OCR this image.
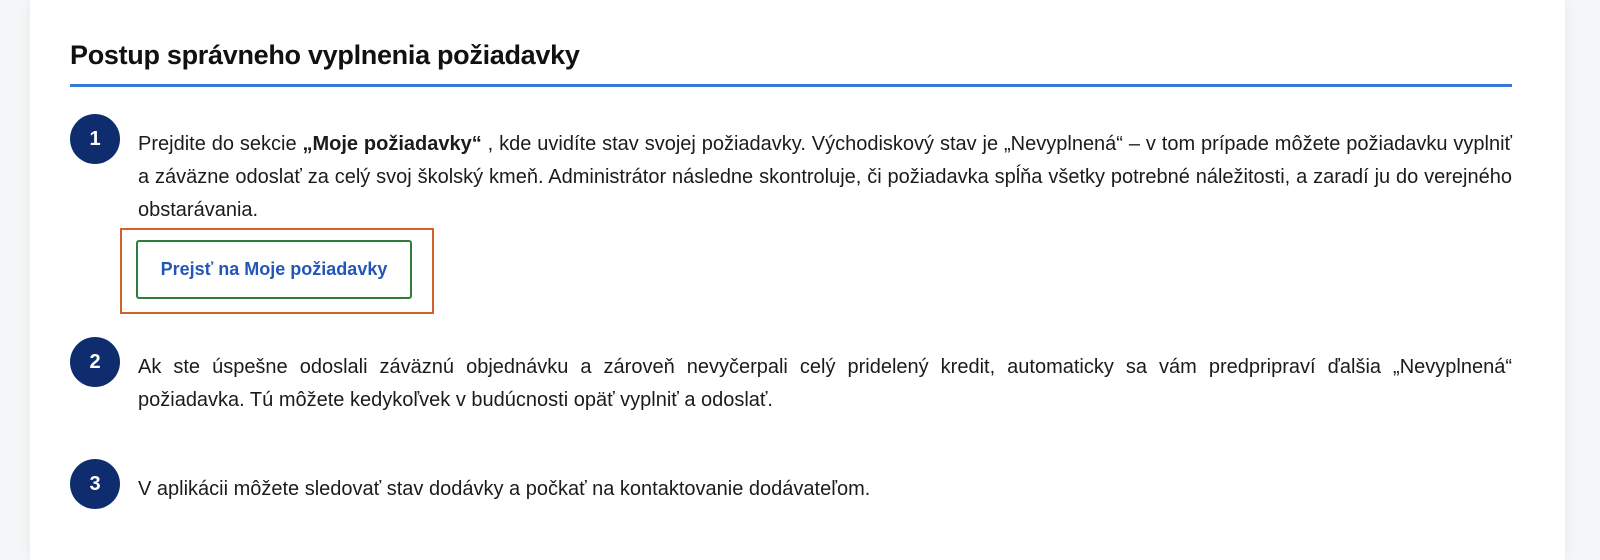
Postup správneho vyplnenia požiadavky
1	Prejdite do sekcie „Moje požiadavky“ , kde uvidíte stav svojej požiadavky. Východiskový stav je „Nevyplnená“ – v tom prípade môžete požiadavku vyplniť a záväzne odoslať za celý svoj školský kmeň. Administrátor následne skontroluje, či požiadavka spĺňa všetky potrebné náležitosti, a zaradí ju do verejného obstarávania.

Prejsť na Moje požiadavky
2	Ak ste úspešne odoslali záväznú objednávku a zároveň nevyčerpali celý pridelený kredit, automaticky sa vám predpripraví ďalšia „Nevyplnená“ požiadavka. Tú môžete kedykoľvek v budúcnosti opäť vyplniť a odoslať.

3	V aplikácii môžete sledovať stav dodávky a počkať na kontaktovanie dodávateľom.
